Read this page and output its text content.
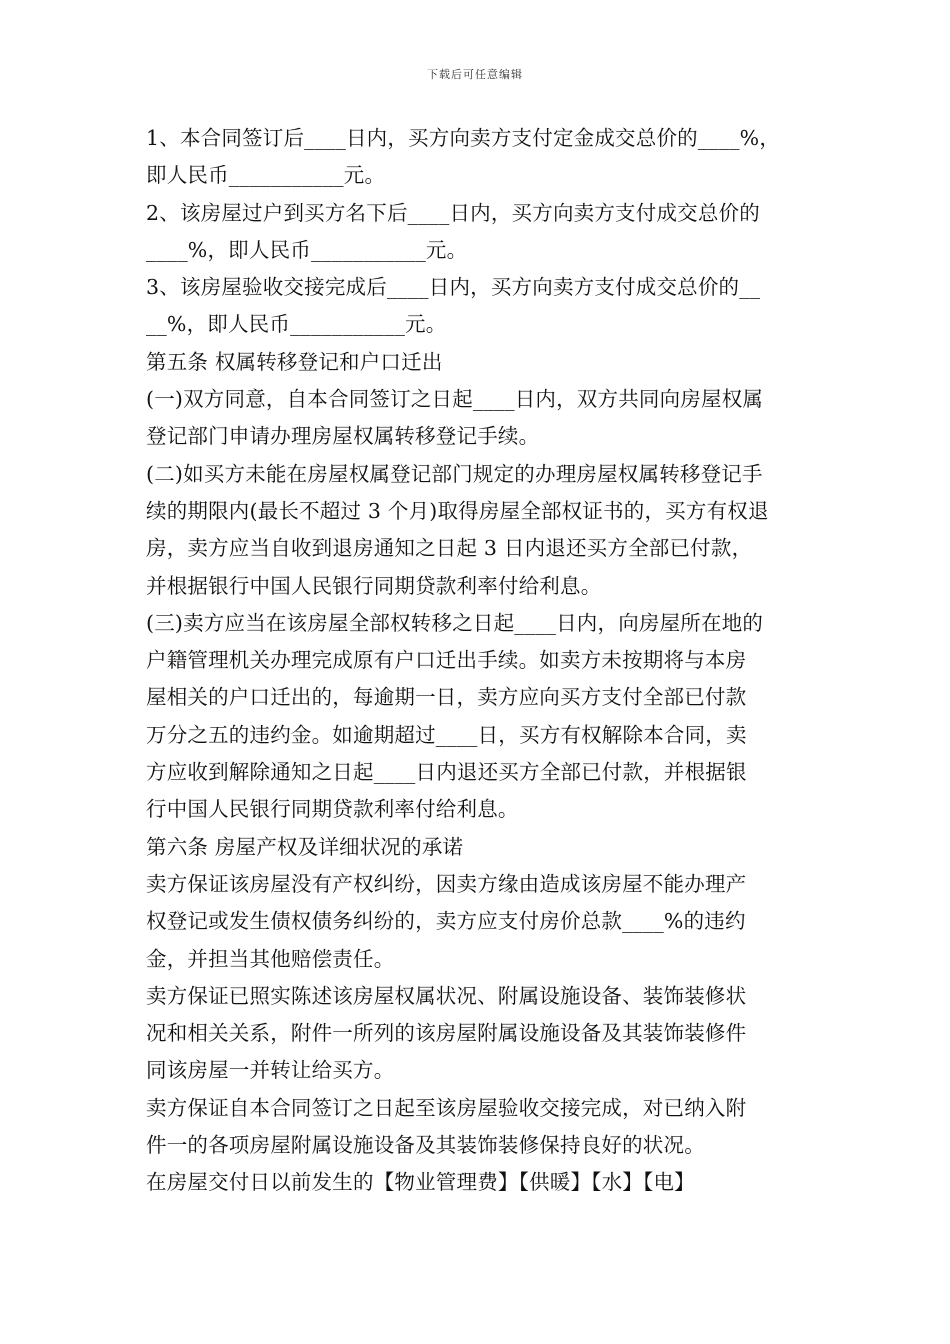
下载后可任意编辑
1、本合同签订后____日内，买方向卖方支付定金成交总价的____%，
即人民币___________元。
2、该房屋过户到买方名下后____日内，买方向卖方支付成交总价的
____%，即人民币___________元。
3、该房屋验收交接完成后____日内，买方向卖方支付成交总价的__
__%，即人民币___________元。
第五条 权属转移登记和户口迁出
(一)双方同意，自本合同签订之日起____日内，双方共同向房屋权属
登记部门申请办理房屋权属转移登记手续。
(二)如买方未能在房屋权属登记部门规定的办理房屋权属转移登记手
续的期限内(最长不超过 3 个月)取得房屋全部权证书的，买方有权退
房，卖方应当自收到退房通知之日起 3 日内退还买方全部已付款，
并根据银行中国人民银行同期贷款利率付给利息。
(三)卖方应当在该房屋全部权转移之日起____日内，向房屋所在地的
户籍管理机关办理完成原有户口迁出手续。如卖方未按期将与本房
屋相关的户口迁出的，每逾期一日，卖方应向买方支付全部已付款
万分之五的违约金。如逾期超过____日，买方有权解除本合同，卖
方应收到解除通知之日起____日内退还买方全部已付款，并根据银
行中国人民银行同期贷款利率付给利息。
第六条 房屋产权及详细状况的承诺
卖方保证该房屋没有产权纠纷，因卖方缘由造成该房屋不能办理产
权登记或发生债权债务纠纷的，卖方应支付房价总款____%的违约
金，并担当其他赔偿责任。
卖方保证已照实陈述该房屋权属状况、附属设施设备、装饰装修状
况和相关关系，附件一所列的该房屋附属设施设备及其装饰装修件
同该房屋一并转让给买方。
卖方保证自本合同签订之日起至该房屋验收交接完成，对已纳入附
件一的各项房屋附属设施设备及其装饰装修保持良好的状况。
在房屋交付日以前发生的【物业管理费】【供暖】【水】【电】
